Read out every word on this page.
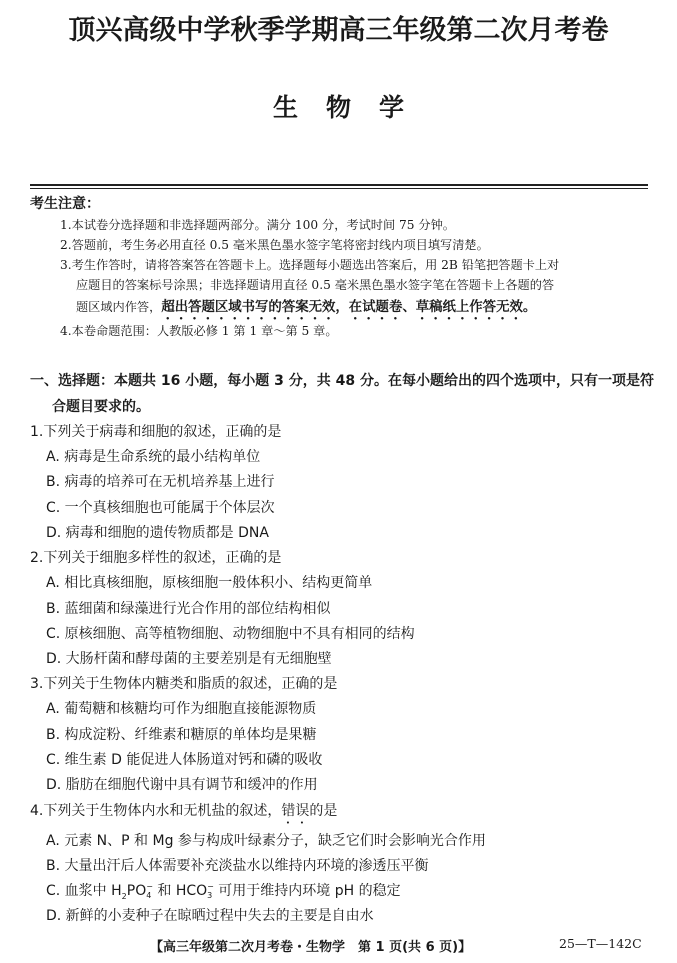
顶兴高级中学秋季学期高三年级第二次月考卷
生物学
考生注意：
1.本试卷分选择题和非选择题两部分。满分 100 分，考试时间 75 分钟。
2.答题前，考生务必用直径 0.5 毫米黑色墨水签字笔将密封线内项目填写清楚。
3.考生作答时，请将答案答在答题卡上。选择题每小题选出答案后，用 2B 铅笔把答题卡上对
应题目的答案标号涂黑；非选择题请用直径 0.5 毫米黑色墨水签字笔在答题卡上各题的答
题区域内作答，超出答题区域书写的答案无效，在试题卷、草稿纸上作答无效。
4.本卷命题范围：人教版必修 1 第 1 章～第 5 章。
一、选择题：本题共 16 小题，每小题 3 分，共 48 分。在每小题给出的四个选项中，只有一项是符
合题目要求的。
1.下列关于病毒和细胞的叙述，正确的是
A. 病毒是生命系统的最小结构单位
B. 病毒的培养可在无机培养基上进行
C. 一个真核细胞也可能属于个体层次
D. 病毒和细胞的遗传物质都是 DNA
2.下列关于细胞多样性的叙述，正确的是
A. 相比真核细胞，原核细胞一般体积小、结构更简单
B. 蓝细菌和绿藻进行光合作用的部位结构相似
C. 原核细胞、高等植物细胞、动物细胞中不具有相同的结构
D. 大肠杆菌和酵母菌的主要差别是有无细胞壁
3.下列关于生物体内糖类和脂质的叙述，正确的是
A. 葡萄糖和核糖均可作为细胞直接能源物质
B. 构成淀粉、纤维素和糖原的单体均是果糖
C. 维生素 D 能促进人体肠道对钙和磷的吸收
D. 脂肪在细胞代谢中具有调节和缓冲的作用
4.下列关于生物体内水和无机盐的叙述，错误的是
A. 元素 N、P 和 Mg 参与构成叶绿素分子，缺乏它们时会影响光合作用
B. 大量出汗后人体需要补充淡盐水以维持内环境的渗透压平衡
C. 血浆中 $H_2PO$ −
4 和 HCO −
3 可用于维持内环境 pH 的稳定
D. 新鲜的小麦种子在晾晒过程中失去的主要是自由水
【高三年级第二次月考卷・生物学　第 1 页(共 6 页)】	25—T—142C
